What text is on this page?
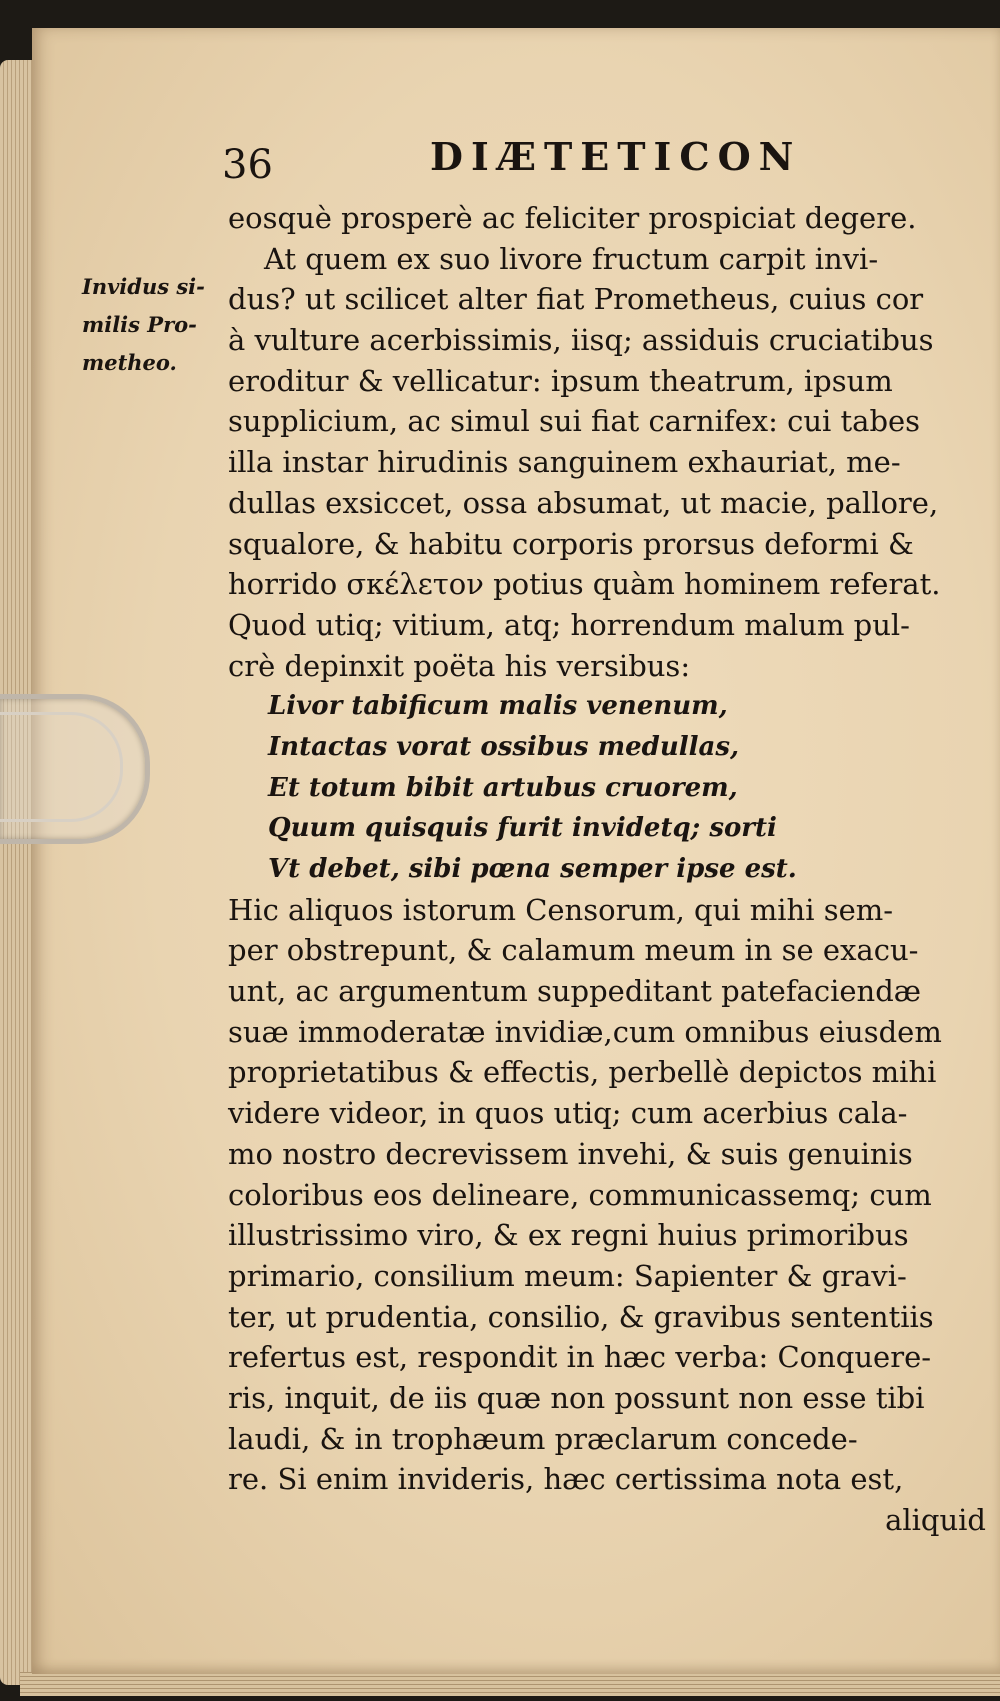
36	DIÆTETICON

Invidus si-
milis Pro-
metheo.

eosquè prosperè ac feliciter prospiciat degere.
At quem ex suo livore fructum carpit invi-
dus? ut scilicet alter fiat Prometheus, cuius cor
à vulture acerbissimis, iisq; assiduis cruciatibus
eroditur & vellicatur: ipsum theatrum, ipsum
supplicium, ac simul sui fiat carnifex: cui tabes
illa instar hirudinis sanguinem exhauriat, me-
dullas exsiccet, ossa absumat, ut macie, pallore,
squalore, & habitu corporis prorsus deformi &
horrido σκέλετον potius quàm hominem referat.
Quod utiq; vitium, atq; horrendum malum pul-
crè depinxit poëta his versibus:
Livor tabificum malis venenum,
Intactas vorat ossibus medullas,
Et totum bibit artubus cruorem,
Quum quisquis furit invidetq; sorti
Vt debet, sibi pœna semper ipse est.
Hic aliquos istorum Censorum, qui mihi sem-
per obstrepunt, & calamum meum in se exacu-
unt, ac argumentum suppeditant patefaciendæ
suæ immoderatæ invidiæ,cum omnibus eiusdem
proprietatibus & effectis, perbellè depictos mihi
videre videor, in quos utiq; cum acerbius cala-
mo nostro decrevissem invehi, & suis genuinis
coloribus eos delineare, communicassemq; cum
illustrissimo viro, & ex regni huius primoribus
primario, consilium meum: Sapienter & gravi-
ter, ut prudentia, consilio, & gravibus sententiis
refertus est, respondit in hæc verba: Conquere-
ris, inquit, de iis quæ non possunt non esse tibi
laudi, & in trophæum præclarum concede-
re. Si enim invideris, hæc certissima nota est,
aliquid
